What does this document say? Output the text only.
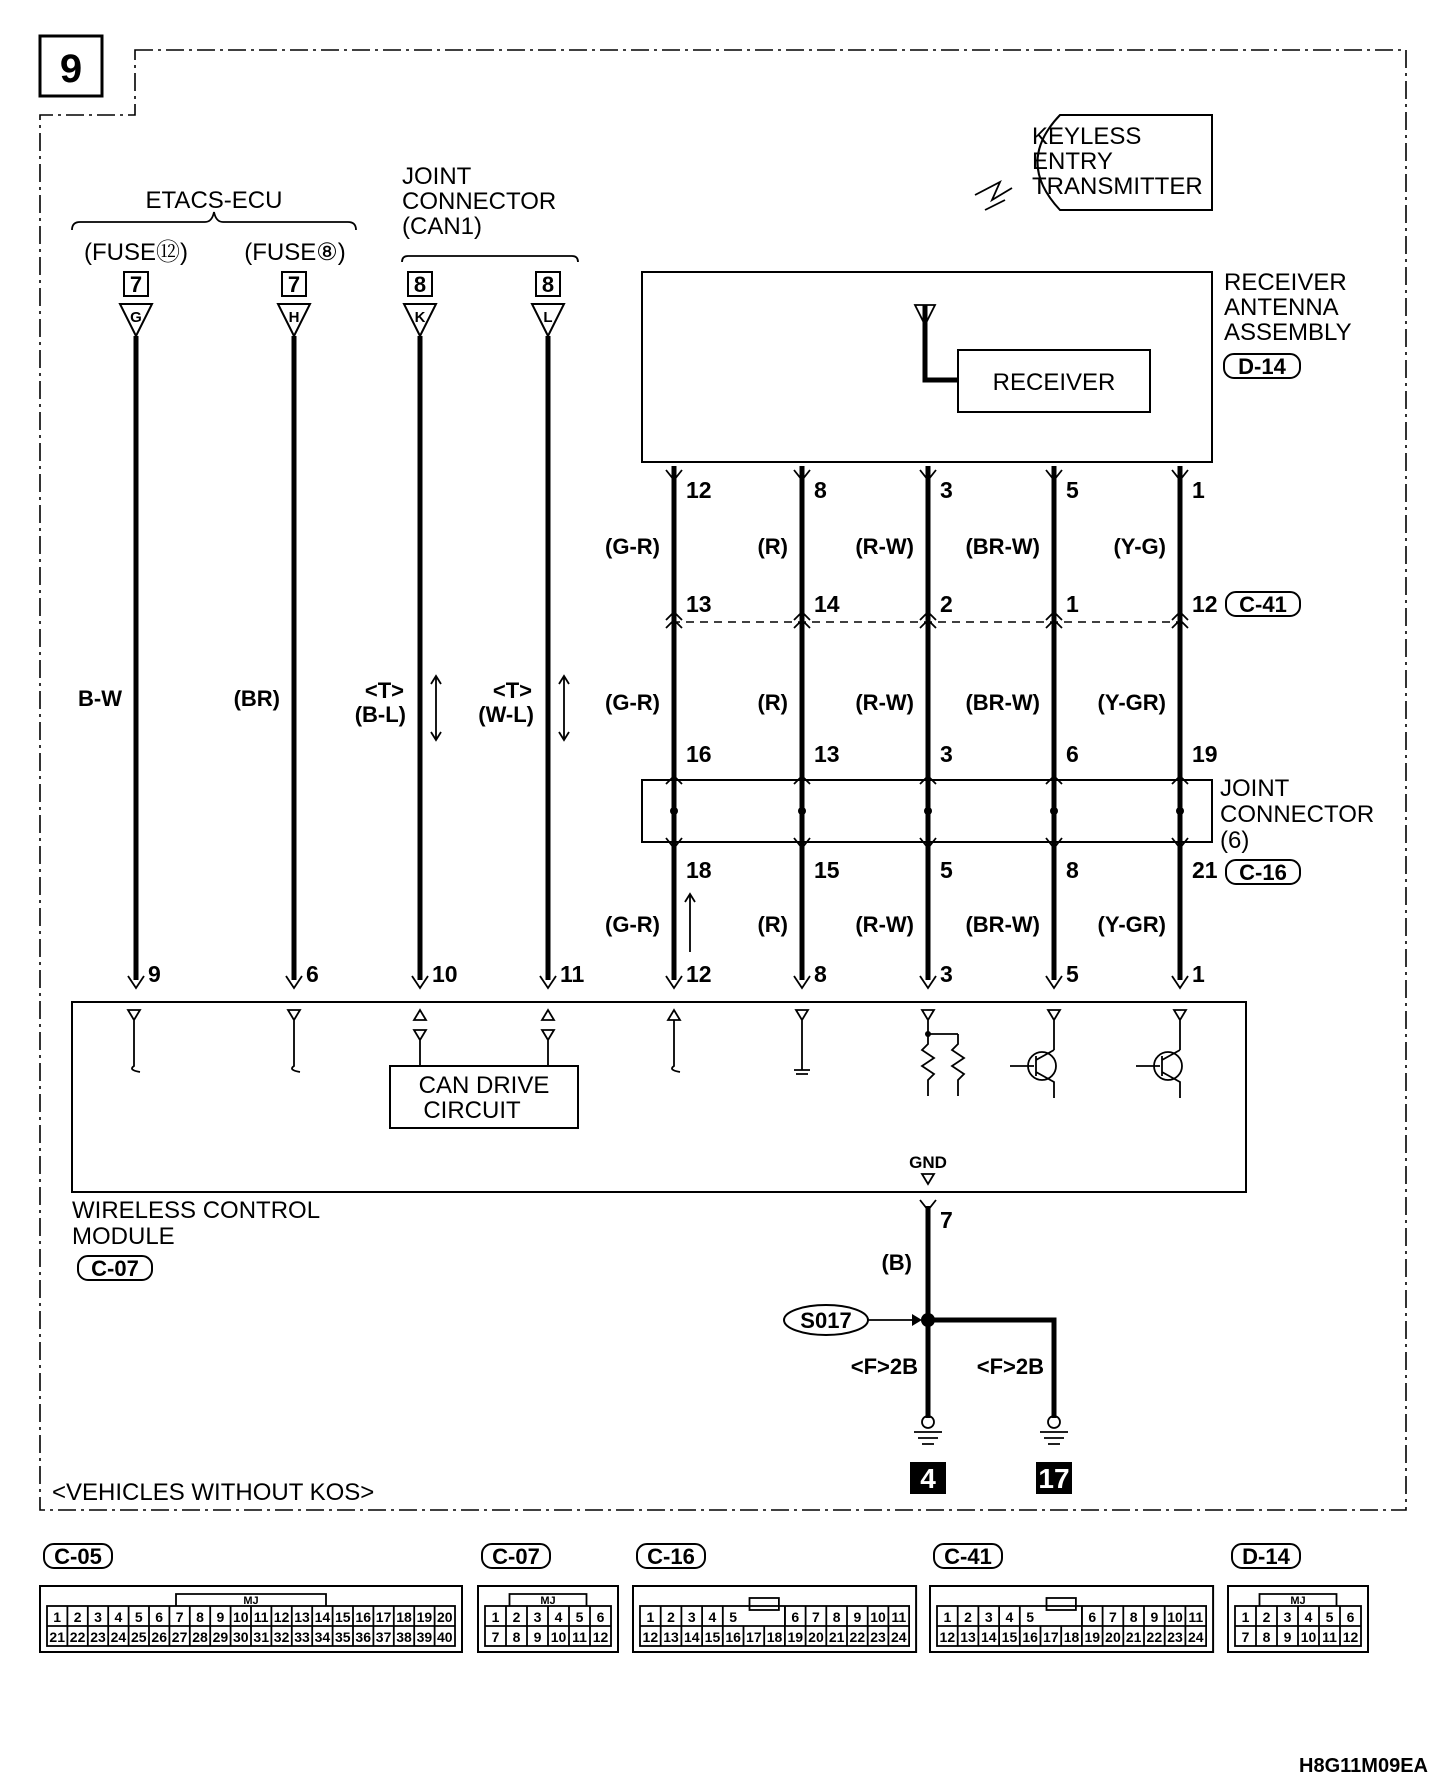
9
ETACS-ECU
(FUSE⑫) (FUSE⑧)
JOINT
CONNECTOR
(CAN1)
KEYLESS
ENTRY
TRANSMITTER
RECEIVER
RECEIVER
ANTENNA
ASSEMBLY
D-14
C-41
JOINT
CONNECTOR
(6)
C-16
CAN DRIVE
CIRCUIT
WIRELESS CONTROL
MODULE
C-07
GND
7
G
9
B-W
7
H
6
(BR)
8
K
10
<T>
(B-L)
8
L
11
<T>
(W-L)
12
(G-R)
13
(G-R)
16
18
(G-R)
12
8
(R)
14
(R)
13
15
(R)
8
3
(R-W)
2
(R-W)
3
5
(R-W)
3
5
(BR-W)
1
(BR-W)
6
8
(BR-W)
5
1
(Y-G)
12
(Y-GR)
19
21
(Y-GR)
1
7
(B)
S017
<F>2B	<F>2B
4	17
<VEHICLES WITHOUT KOS>
C-05
MJ
21 22 23 24 25 26 27 28 29 30 31 32 33 34 35 36 37 38 39 40
1 2 3 4 5 6 7 8 9 10 11 12 13 14 15 16 17 18 19 20
C-07
MJ
7 8 9 10 11 12
1 2 3 4 5 6
C-16
12 13 14 15 16 17 18 19 20 21 22 23 24
1 2 3 4 5	6 7 8 9 10 11
C-41
12 13 14 15 16 17 18 19 20 21 22 23 24
1 2 3 4 5	6 7 8 9 10 11
D-14
MJ
7 8 9 10 11 12
1 2 3 4 5 6
H8G11M09EA
